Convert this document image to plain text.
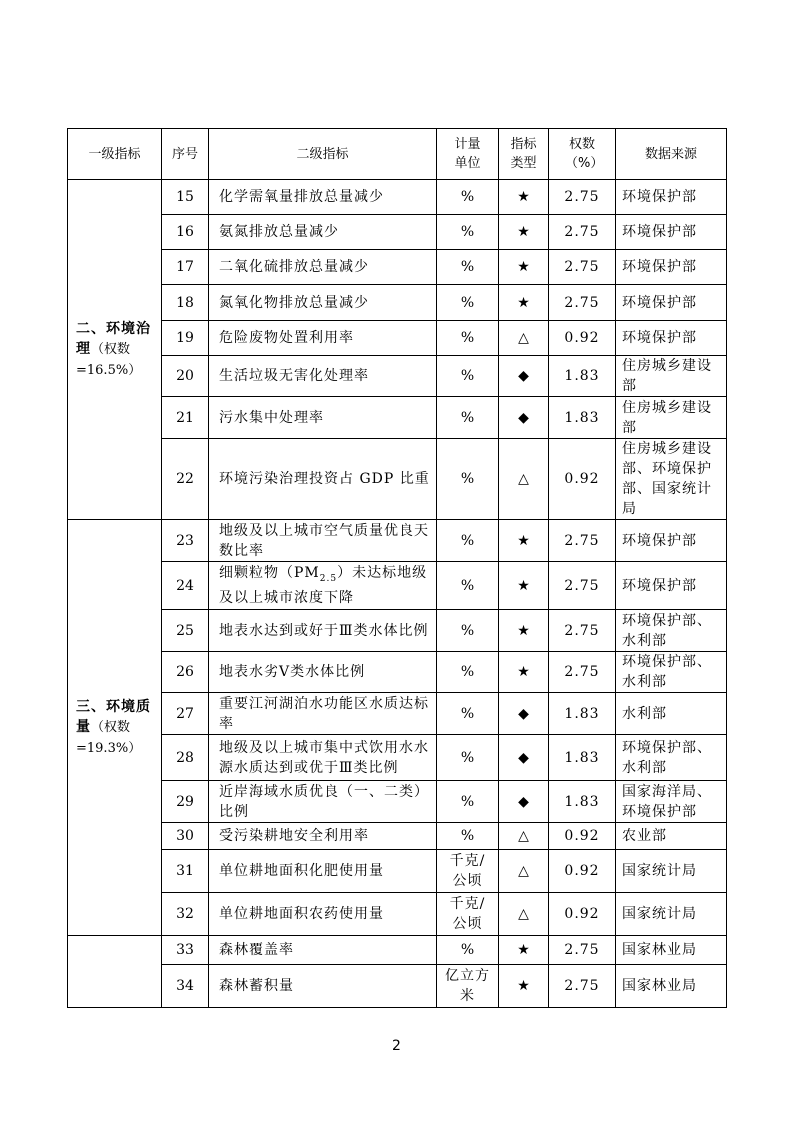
一级指标	序号	二级指标	计量单位	指标类型	权数（%）	数据来源
二、环境治理（权数=16.5%）	15	化学需氧量排放总量减少	%	★	2.75	环境保护部
	16	氨氮排放总量减少	%	★	2.75	环境保护部
	17	二氧化硫排放总量减少	%	★	2.75	环境保护部
	18	氮氧化物排放总量减少	%	★	2.75	环境保护部
	19	危险废物处置利用率	%	△	0.92	环境保护部
	20	生活垃圾无害化处理率	%	◆	1.83	住房城乡建设部
	21	污水集中处理率	%	◆	1.83	住房城乡建设部
	22	环境污染治理投资占 GDP 比重	%	△	0.92	住房城乡建设部、环境保护部、国家统计局
三、环境质量（权数=19.3%）	23	地级及以上城市空气质量优良天数比率	%	★	2.75	环境保护部
	24	细颗粒物$(PM_{2.5})$未达标地级及以上城市浓度下降	%	★	2.75	环境保护部
	25	地表水达到或好于Ⅲ类水体比例	%	★	2.75	环境保护部、水利部
	26	地表水劣Ⅴ类水体比例	%	★	2.75	环境保护部、水利部
	27	重要江河湖泊水功能区水质达标率	%	◆	1.83	水利部
	28	地级及以上城市集中式饮用水水源水质达到或优于Ⅲ类比例	%	◆	1.83	环境保护部、水利部
	29	近岸海域水质优良（一、二类）比例	%	◆	1.83	国家海洋局、环境保护部
	30	受污染耕地安全利用率	%	△	0.92	农业部
	31	单位耕地面积化肥使用量	千克/公顷	△	0.92	国家统计局
	32	单位耕地面积农药使用量	千克/公顷	△	0.92	国家统计局
	33	森林覆盖率	%	★	2.75	国家林业局
	34	森林蓄积量	亿立方米	★	2.75	国家林业局
2
